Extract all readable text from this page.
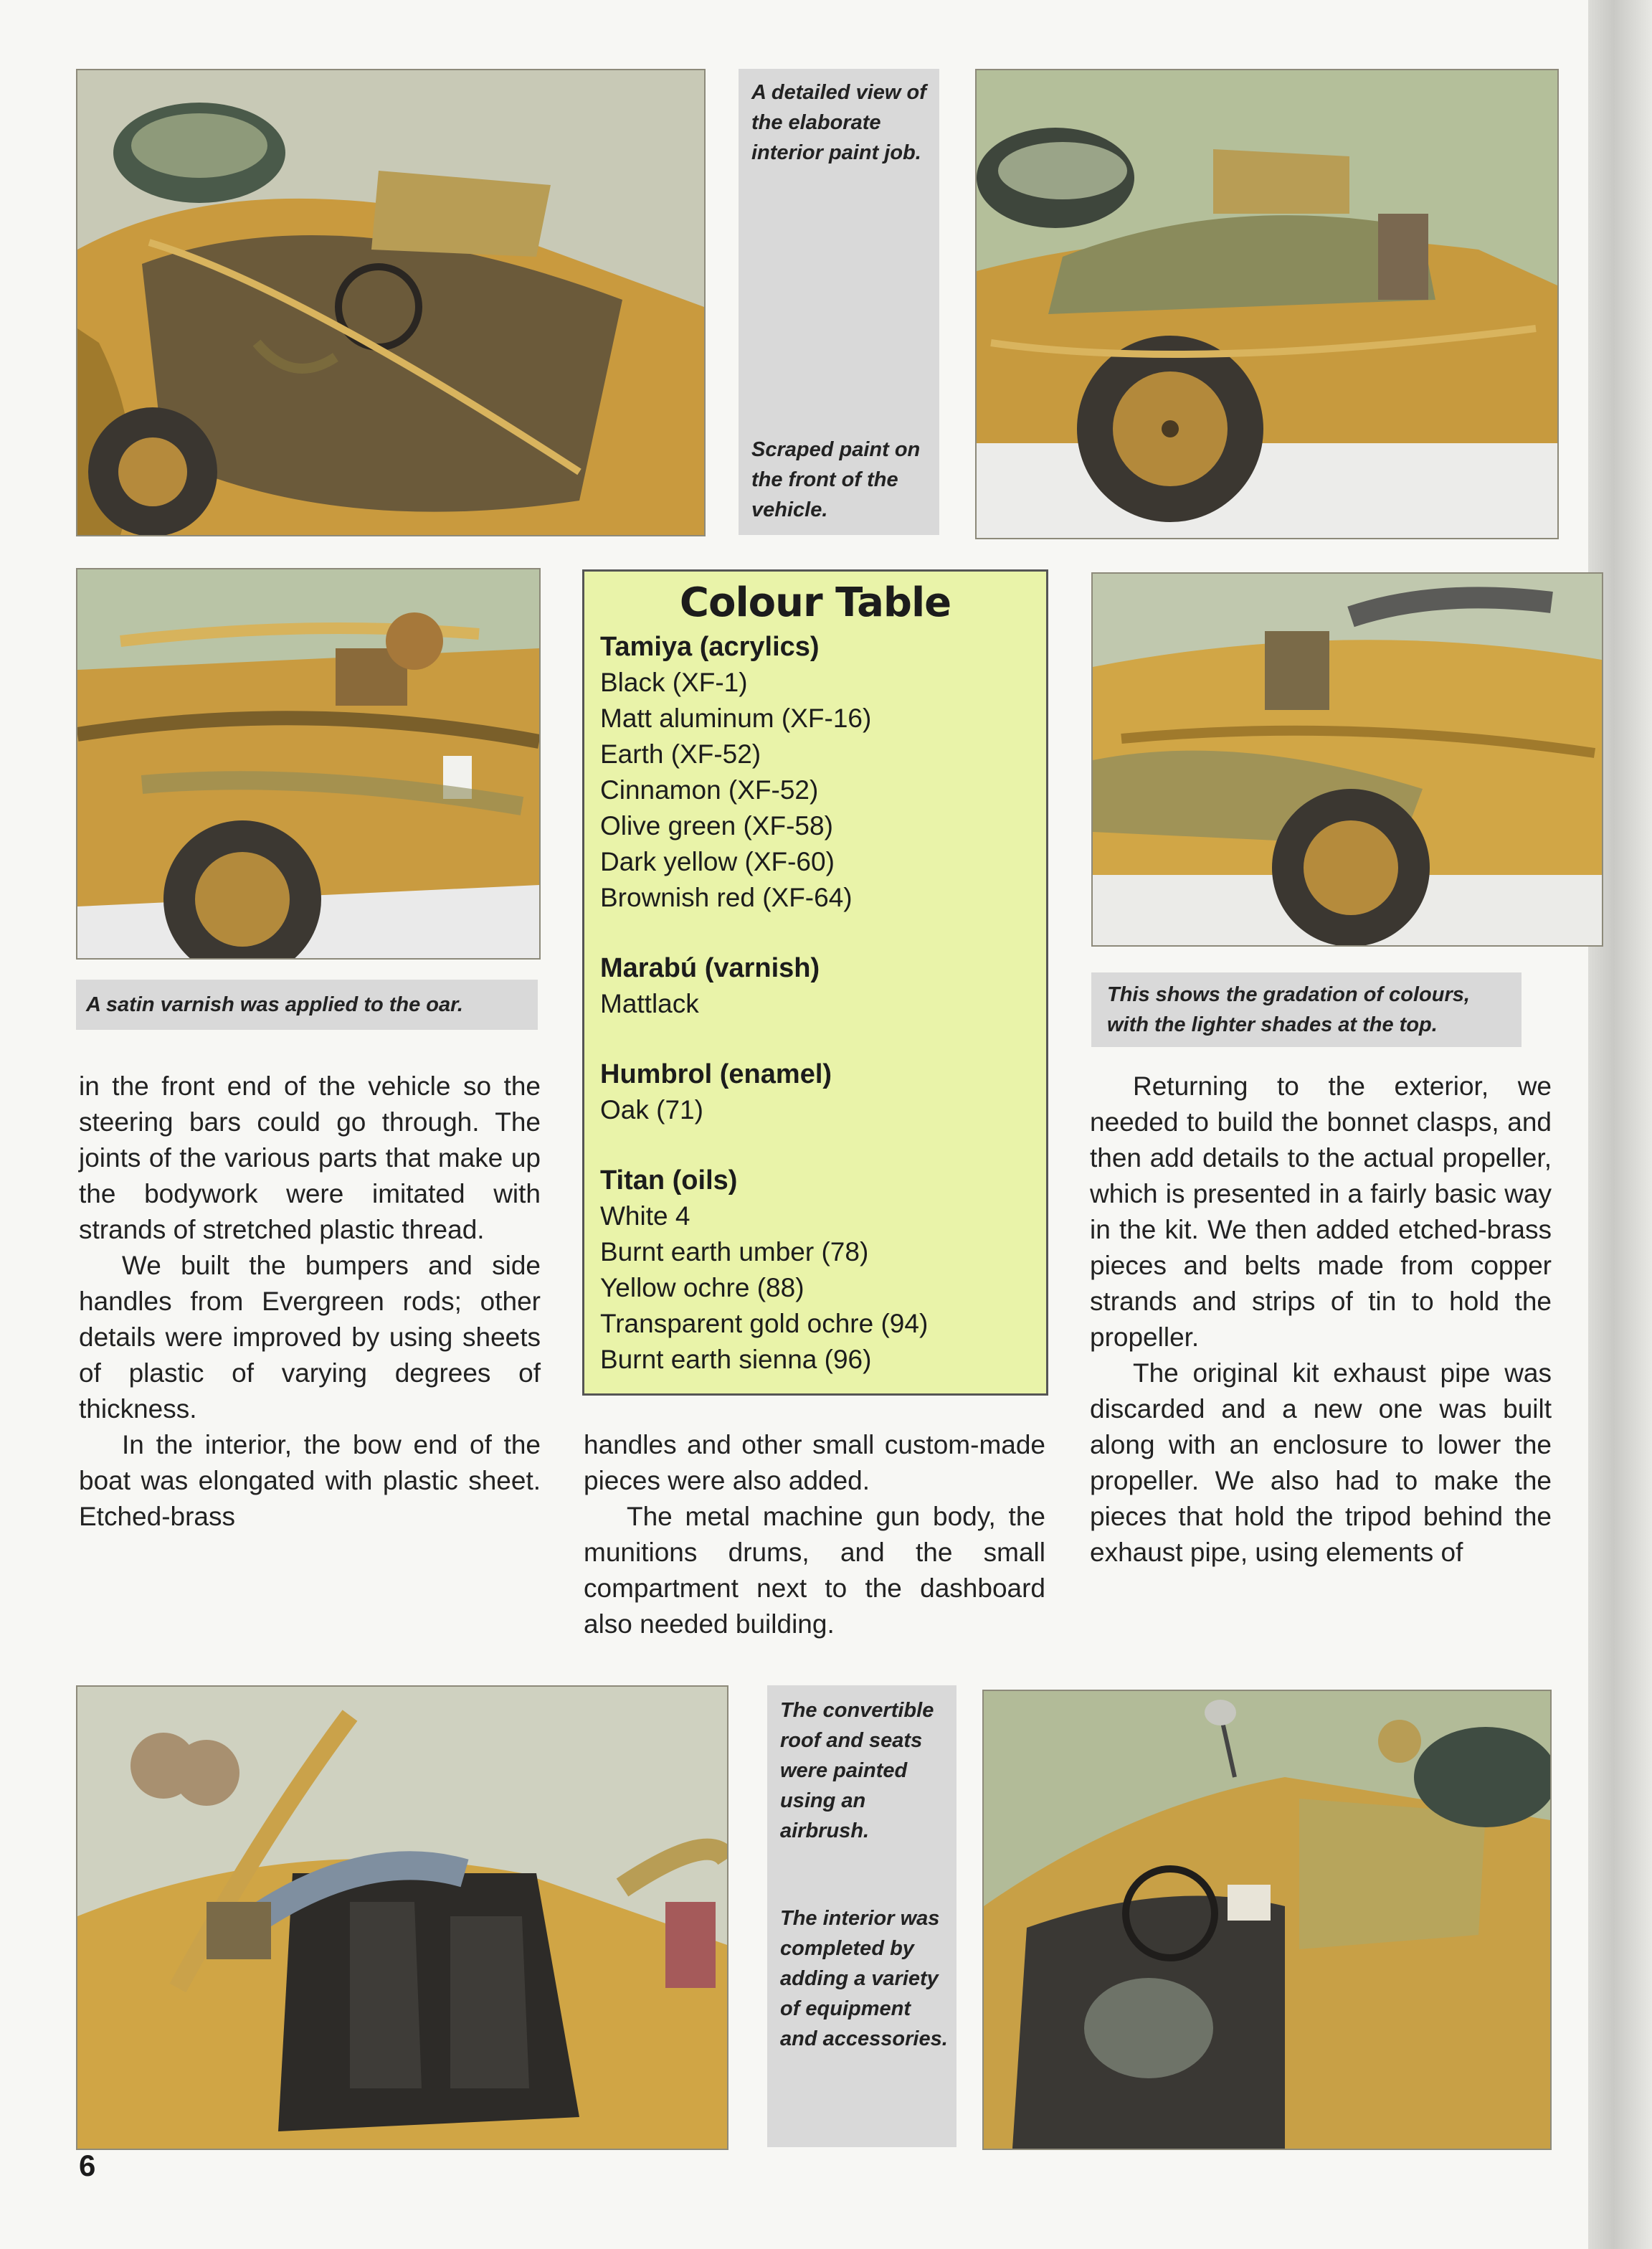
A detailed view of the elaborate interior paint job.
Scraped paint on the front of the vehicle.
A satin varnish was applied to the oar.
Colour Table
Tamiya (acrylics)
Black (XF-1)
Matt aluminum (XF-16)
Earth (XF-52)
Cinnamon (XF-52)
Olive green (XF-58)
Dark yellow (XF-60)
Brownish red (XF-64)
Marabú (varnish)
Mattlack
Humbrol (enamel)
Oak (71)
Titan (oils)
White 4
Burnt earth umber (78)
Yellow ochre (88)
Transparent gold ochre (94)
Burnt earth sienna (96)
This shows the gradation of colours, with the lighter shades at the top.

in the front end of the vehicle so the steering bars could go through. The joints of the various parts that make up the bodywork were imitated with strands of stretched plastic thread.

We built the bumpers and side handles from Evergreen rods; other details were improved by using sheets of plastic of varying degrees of thickness.

In the interior, the bow end of the boat was elongated with plastic sheet. Etched-brass

handles and other small custom-made pieces were also added.

The metal machine gun body, the munitions drums, and the small compartment next to the dashboard also needed building.

Returning to the exterior, we needed to build the bonnet clasps, and then add details to the actual propeller, which is presented in a fairly basic way in the kit. We then added etched-brass pieces and belts made from copper strands and strips of tin to hold the propeller.

The original kit exhaust pipe was discarded and a new one was built along with an enclosure to lower the propeller. We also had to make the pieces that hold the tripod behind the exhaust pipe, using elements of

The convertible roof and seats were painted using an airbrush.
The interior was completed by adding a variety of equipment and accessories.
6
